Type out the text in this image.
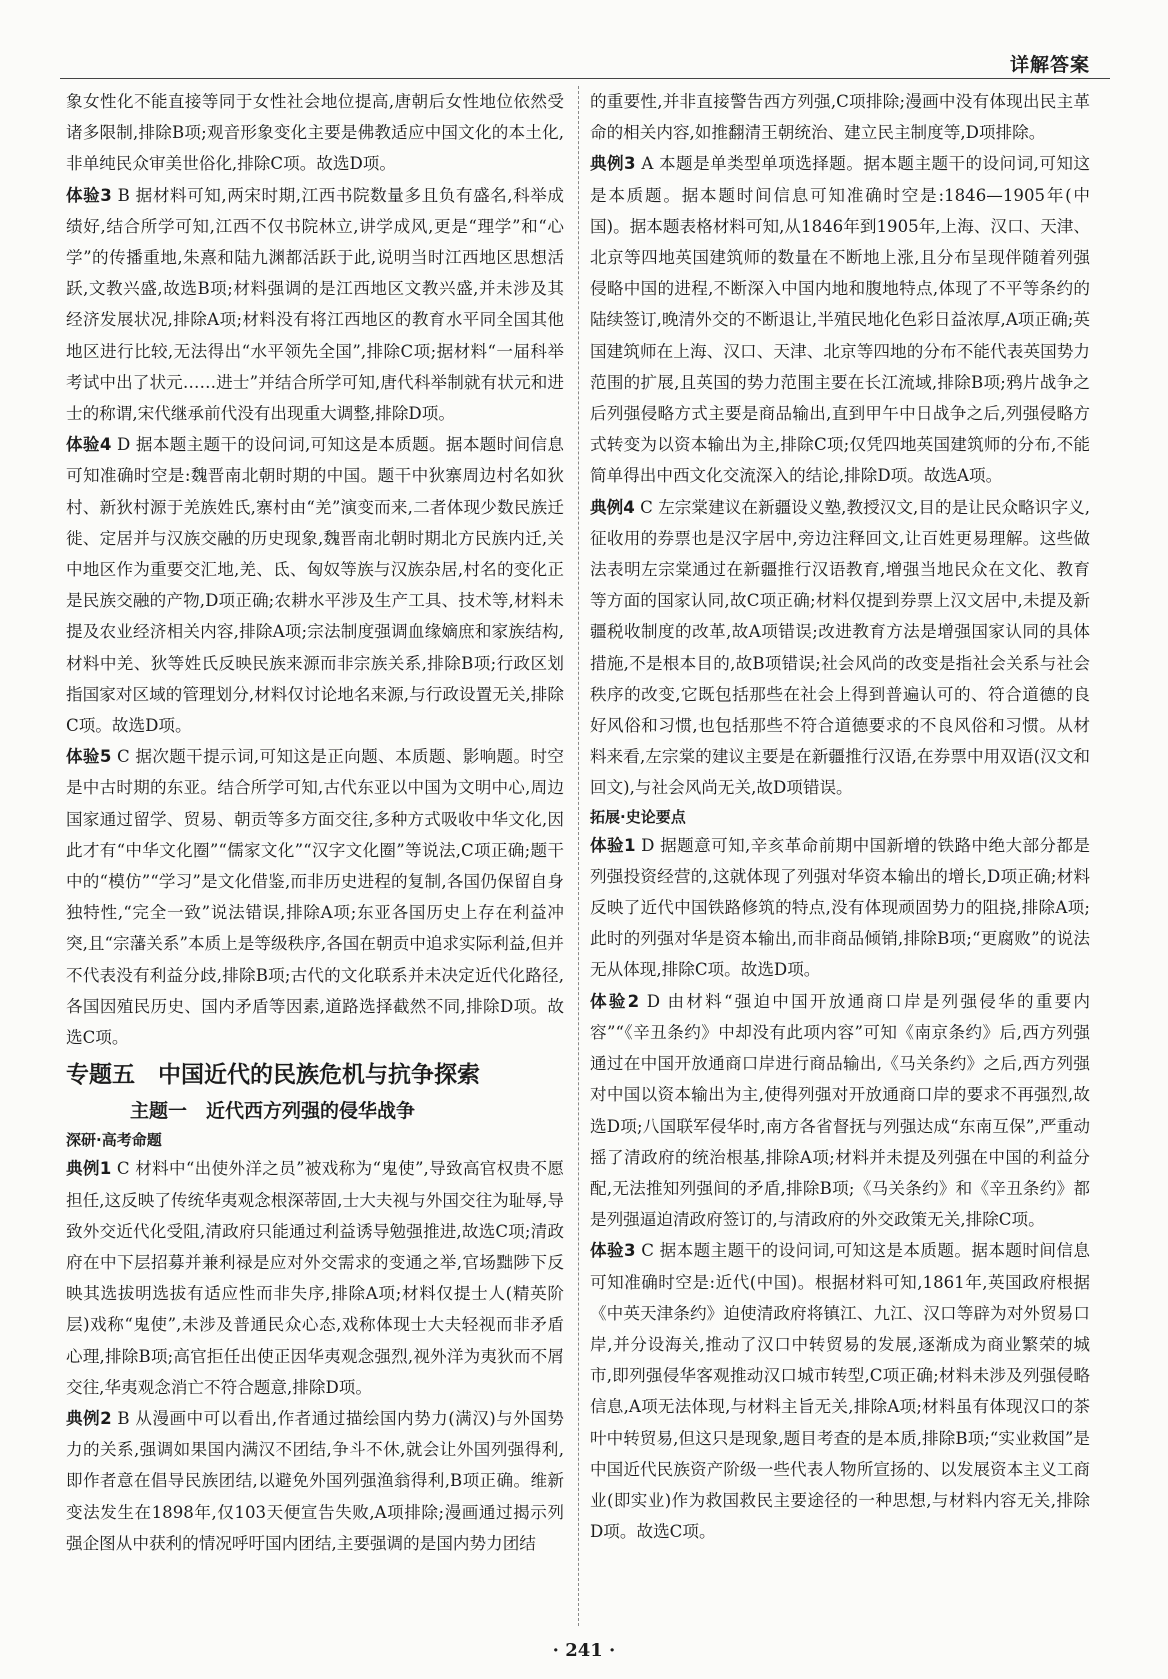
详解答案

象女性化不能直接等同于女性社会地位提高,唐朝后女性地位依然受诸多限制,排除B项;观音形象变化主要是佛教适应中国文化的本土化,非单纯民众审美世俗化,排除C项。故选D项。

体验3 B 据材料可知,两宋时期,江西书院数量多且负有盛名,科举成绩好,结合所学可知,江西不仅书院林立,讲学成风,更是“理学”和“心学”的传播重地,朱熹和陆九渊都活跃于此,说明当时江西地区思想活跃,文教兴盛,故选B项;材料强调的是江西地区文教兴盛,并未涉及其经济发展状况,排除A项;材料没有将江西地区的教育水平同全国其他地区进行比较,无法得出“水平领先全国”,排除C项;据材料“一届科举考试中出了状元……进士”并结合所学可知,唐代科举制就有状元和进士的称谓,宋代继承前代没有出现重大调整,排除D项。

体验4 D 据本题主题干的设问词,可知这是本质题。据本题时间信息可知准确时空是:魏晋南北朝时期的中国。题干中狄寨周边村名如狄村、新狄村源于羌族姓氏,寨村由“羌”演变而来,二者体现少数民族迁徙、定居并与汉族交融的历史现象,魏晋南北朝时期北方民族内迁,关中地区作为重要交汇地,羌、氐、匈奴等族与汉族杂居,村名的变化正是民族交融的产物,D项正确;农耕水平涉及生产工具、技术等,材料未提及农业经济相关内容,排除A项;宗法制度强调血缘嫡庶和家族结构,材料中羌、狄等姓氏反映民族来源而非宗族关系,排除B项;行政区划指国家对区域的管理划分,材料仅讨论地名来源,与行政设置无关,排除C项。故选D项。

体验5 C 据次题干提示词,可知这是正向题、本质题、影响题。时空是中古时期的东亚。结合所学可知,古代东亚以中国为文明中心,周边国家通过留学、贸易、朝贡等多方面交往,多种方式吸收中华文化,因此才有“中华文化圈”“儒家文化”“汉字文化圈”等说法,C项正确;题干中的“模仿”“学习”是文化借鉴,而非历史进程的复制,各国仍保留自身独特性,“完全一致”说法错误,排除A项;东亚各国历史上存在利益冲突,且“宗藩关系”本质上是等级秩序,各国在朝贡中追求实际利益,但并不代表没有利益分歧,排除B项;古代的文化联系并未决定近代化路径,各国因殖民历史、国内矛盾等因素,道路选择截然不同,排除D项。故选C项。

专题五　中国近代的民族危机与抗争探索
主题一　近代西方列强的侵华战争

深研·高考命题

典例1 C 材料中“出使外洋之员”被戏称为“鬼使”,导致高官权贵不愿担任,这反映了传统华夷观念根深蒂固,士大夫视与外国交往为耻辱,导致外交近代化受阻,清政府只能通过利益诱导勉强推进,故选C项;清政府在中下层招募并兼利禄是应对外交需求的变通之举,官场黜陟下反映其选拔明选拔有适应性而非失序,排除A项;材料仅提士人(精英阶层)戏称“鬼使”,未涉及普通民众心态,戏称体现士大夫轻视而非矛盾心理,排除B项;高官拒任出使正因华夷观念强烈,视外洋为夷狄而不屑交往,华夷观念消亡不符合题意,排除D项。

典例2 B 从漫画中可以看出,作者通过描绘国内势力(满汉)与外国势力的关系,强调如果国内满汉不团结,争斗不休,就会让外国列强得利,即作者意在倡导民族团结,以避免外国列强渔翁得利,B项正确。维新变法发生在1898年,仅103天便宣告失败,A项排除;漫画通过揭示列强企图从中获利的情况呼吁国内团结,主要强调的是国内势力团结

的重要性,并非直接警告西方列强,C项排除;漫画中没有体现出民主革命的相关内容,如推翻清王朝统治、建立民主制度等,D项排除。

典例3 A 本题是单类型单项选择题。据本题主题干的设问词,可知这是本质题。据本题时间信息可知准确时空是:1846—1905年(中国)。据本题表格材料可知,从1846年到1905年,上海、汉口、天津、北京等四地英国建筑师的数量在不断地上涨,且分布呈现伴随着列强侵略中国的进程,不断深入中国内地和腹地特点,体现了不平等条约的陆续签订,晚清外交的不断退让,半殖民地化色彩日益浓厚,A项正确;英国建筑师在上海、汉口、天津、北京等四地的分布不能代表英国势力范围的扩展,且英国的势力范围主要在长江流域,排除B项;鸦片战争之后列强侵略方式主要是商品输出,直到甲午中日战争之后,列强侵略方式转变为以资本输出为主,排除C项;仅凭四地英国建筑师的分布,不能简单得出中西文化交流深入的结论,排除D项。故选A项。

典例4 C 左宗棠建议在新疆设义塾,教授汉文,目的是让民众略识字义,征收用的券票也是汉字居中,旁边注释回文,让百姓更易理解。这些做法表明左宗棠通过在新疆推行汉语教育,增强当地民众在文化、教育等方面的国家认同,故C项正确;材料仅提到券票上汉文居中,未提及新疆税收制度的改革,故A项错误;改进教育方法是增强国家认同的具体措施,不是根本目的,故B项错误;社会风尚的改变是指社会关系与社会秩序的改变,它既包括那些在社会上得到普遍认可的、符合道德的良好风俗和习惯,也包括那些不符合道德要求的不良风俗和习惯。从材料来看,左宗棠的建议主要是在新疆推行汉语,在券票中用双语(汉文和回文),与社会风尚无关,故D项错误。

拓展·史论要点

体验1 D 据题意可知,辛亥革命前期中国新增的铁路中绝大部分都是列强投资经营的,这就体现了列强对华资本输出的增长,D项正确;材料反映了近代中国铁路修筑的特点,没有体现顽固势力的阻挠,排除A项;此时的列强对华是资本输出,而非商品倾销,排除B项;“更腐败”的说法无从体现,排除C项。故选D项。

体验2 D 由材料“强迫中国开放通商口岸是列强侵华的重要内容”“《辛丑条约》中却没有此项内容”可知《南京条约》后,西方列强通过在中国开放通商口岸进行商品输出,《马关条约》之后,西方列强对中国以资本输出为主,使得列强对开放通商口岸的要求不再强烈,故选D项;八国联军侵华时,南方各省督抚与列强达成“东南互保”,严重动摇了清政府的统治根基,排除A项;材料并未提及列强在中国的利益分配,无法推知列强间的矛盾,排除B项;《马关条约》和《辛丑条约》都是列强逼迫清政府签订的,与清政府的外交政策无关,排除C项。

体验3 C 据本题主题干的设问词,可知这是本质题。据本题时间信息可知准确时空是:近代(中国)。根据材料可知,1861年,英国政府根据《中英天津条约》迫使清政府将镇江、九江、汉口等辟为对外贸易口岸,并分设海关,推动了汉口中转贸易的发展,逐渐成为商业繁荣的城市,即列强侵华客观推动汉口城市转型,C项正确;材料未涉及列强侵略信息,A项无法体现,与材料主旨无关,排除A项;材料虽有体现汉口的茶叶中转贸易,但这只是现象,题目考查的是本质,排除B项;“实业救国”是中国近代民族资产阶级一些代表人物所宣扬的、以发展资本主义工商业(即实业)作为救国救民主要途径的一种思想,与材料内容无关,排除D项。故选C项。

· 241 ·
